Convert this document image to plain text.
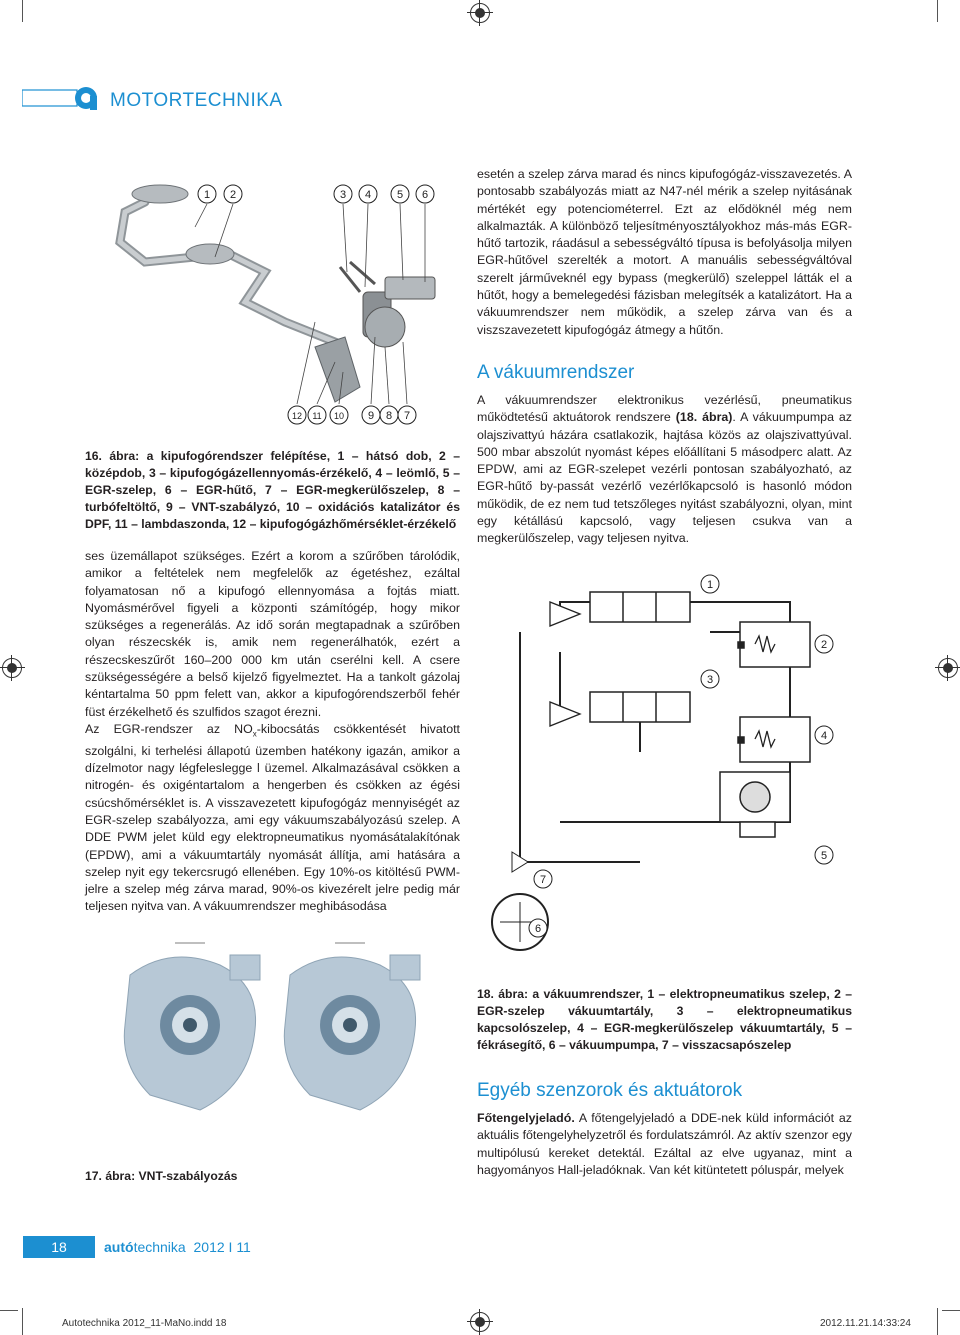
MOTORTECHNIKA
1 2	3 4 5 6
12 11 10 9 8 7
16. ábra: a kipufogórendszer felépítése, 1 – hátsó dob, 2 – középdob, 3 – kipufogógázellennyomás-érzékelő, 4 – leömlő, 5 – EGR-szelep, 6 – EGR-hűtő, 7 – EGR-megkerülőszelep, 8 – turbófeltöltő, 9 – VNT-szabályzó, 10 – oxidációs katalizátor és DPF, 11 – lambdaszonda, 12 – kipufogógázhőmérséklet-érzékelő

ses üzemállapot szükséges. Ezért a korom a szűrőben tárolódik, amikor a feltételek nem megfelelők az égetéshez, ezáltal folyamatosan nő a kipufogó ellennyomása a fojtás miatt. Nyomásmérővel figyeli a központi számítógép, hogy mikor szükséges a regenerálás. Az idő során megtapadnak a szűrőben olyan részecskék is, amik nem regenerálhatók, ezért a részecskeszűrőt 160–200 000 km után cserélni kell. A csere szükségességére a belső kijelző figyelmeztet. Ha a tankolt gázolaj kéntartalma 50 ppm felett van, akkor a kipufogórendszerből fehér füst érzékelhető és szulfidos szagot érezni.

Az EGR-rendszer az $NO_x$-kibocsátás csökkentését hivatott szolgálni, ki terhelési állapotú üzemben hatékony igazán, amikor a dízelmotor nagy légfeleslegge l üzemel. Alkalmazásával csökken a nitrogén- és oxigéntartalom a hengerben és csökken az égési csúcshőmérséklet is. A visszavezetett kipufogógáz mennyiségét az EGR-szelep szabályozza, ami egy vákuumszabályozású szelep. A DDE PWM jelet küld egy elektropneumatikus nyomásátalakítónak (EPDW), ami a vákuumtartály nyomását állítja, ami hatására a szelep nyit egy tekercsrugó ellenében. Egy 10%-os kitöltésű PWM-jelre a szelep még zárva marad, 90%-os kivezérelt jelre pedig már teljesen nyitva van. A vákuumrendszer meghibásodása

esetén a szelep zárva marad és nincs kipufogógáz-visszavezetés. A pontosabb szabályozás miatt az N47-nél mérik a szelep nyitásának mértékét egy potenciométerrel. Ezt az elődöknél még nem alkalmazták. A különböző teljesítményosztályokhoz más-más EGR-hűtő tartozik, ráadásul a sebességváltó típusa is befolyásolja milyen EGR-hűtővel szerelték a motort. A manuális sebességváltóval szerelt járműveknél egy bypass (megkerülő) szeleppel látták el a hűtőt, hogy a bemelegedési fázisban melegítsék a katalizátort. Ha a vákuumrendszer nem működik, a szelep zárva van és a viszszavezetett kipufogógáz átmegy a hűtőn.

A vákuumrendszer

A vákuumrendszer elektronikus vezérlésű, pneumatikus működtetésű aktuátorok rendszere (18. ábra). A vákuumpumpa az olajszivattyú házára csatlakozik, hajtása közös az olajszivattyúval. 500 mbar abszolút nyomást képes előállítani 5 másodperc alatt. Az EPDW, ami az EGR-szelepet vezérli pontosan szabályozható, az EGR-hűtő by-passát vezérlő vezérlőkapcsoló is hasonló módon működik, de ez nem tud tetszőleges nyitást szabályozni, olyan, mint egy kétállású kapcsoló, vagy teljesen csukva van a megkerülőszelep, vagy teljesen nyitva.

1
2
3
4
5
7
6
18. ábra: a vákuumrendszer, 1 – elektropneumatikus szelep, 2 – EGR-szelep vákuumtartály, 3 – elektropneumatikus kapcsolószelep, 4 – EGR-megkerülőszelep vákuumtartály, 5 – fékrásegítő, 6 – vákuumpumpa, 7 – visszacsapószelep
Egyéb szenzorok és aktuátorok

Főtengelyjeladó. A főtengelyjeladó a DDE-nek küld információt az aktuális főtengelyhelyzetről és fordulatszámról. Az aktív szenzor egy multipólusú kereket detektál. Ezáltal az elve ugyanaz, mint a hagyományos Hall-jeladóknak. Van két kitüntetett póluspár, melyek

17. ábra: VNT-szabályozás
18	autótechnika 2012 I 11
Autotechnika 2012_11-MaNo.indd 18	2012.11.21. 14:33:24
